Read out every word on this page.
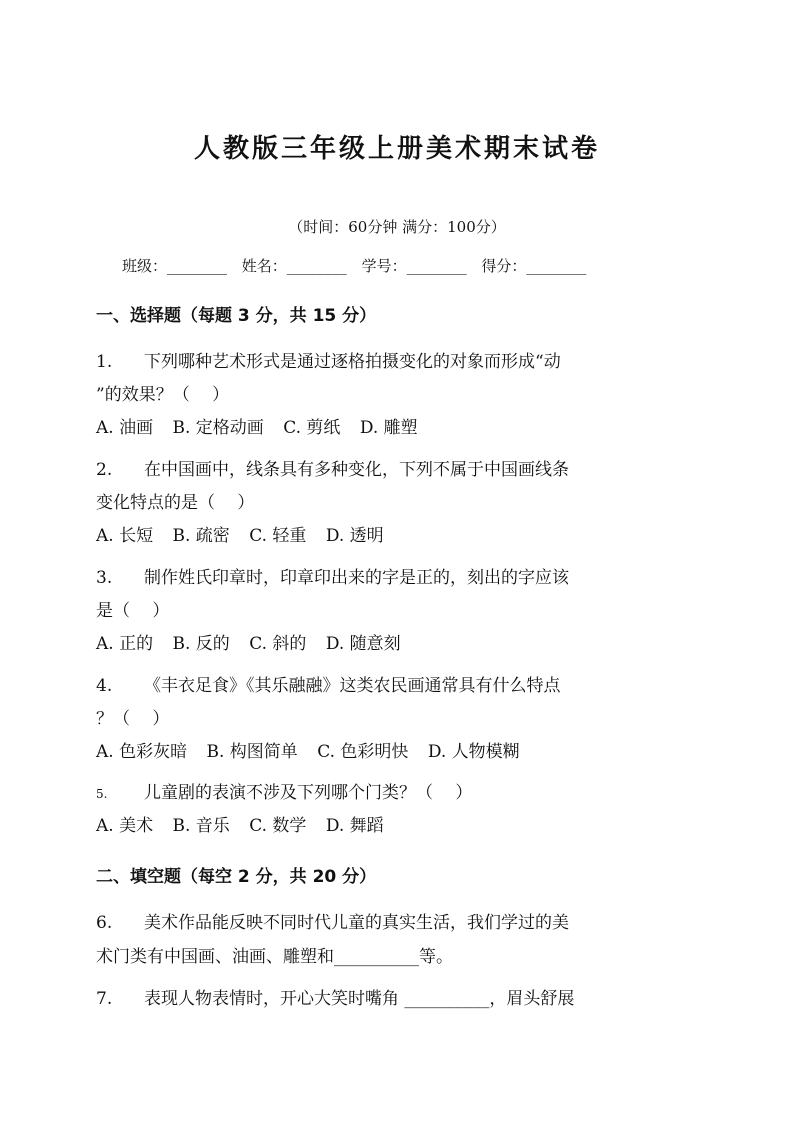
人教版三年级上册美术期末试卷
（时间：60分钟 满分：100分）
班级：________ 姓名：________ 学号：________ 得分：________
一、选择题（每题 3 分，共 15 分）
1. 下列哪种艺术形式是通过逐格拍摄变化的对象而形成“动
”的效果？（　 ）
A. 油画 B. 定格动画 C. 剪纸 D. 雕塑
2. 在中国画中，线条具有多种变化，下列不属于中国画线条
变化特点的是（　 ）
A. 长短 B. 疏密 C. 轻重 D. 透明
3. 制作姓氏印章时，印章印出来的字是正的，刻出的字应该
是（　 ）
A. 正的 B. 反的 C. 斜的 D. 随意刻
4. 《丰衣足食》《其乐融融》这类农民画通常具有什么特点
？（　 ）
A. 色彩灰暗 B. 构图简单 C. 色彩明快 D. 人物模糊
5. 儿童剧的表演不涉及下列哪个门类？（　 ）
A. 美术 B. 音乐 C. 数学 D. 舞蹈
二、填空题（每空 2 分，共 20 分）
6. 美术作品能反映不同时代儿童的真实生活，我们学过的美
术门类有中国画、油画、雕塑和__________等。
7. 表现人物表情时，开心大笑时嘴角 __________，眉头舒展
